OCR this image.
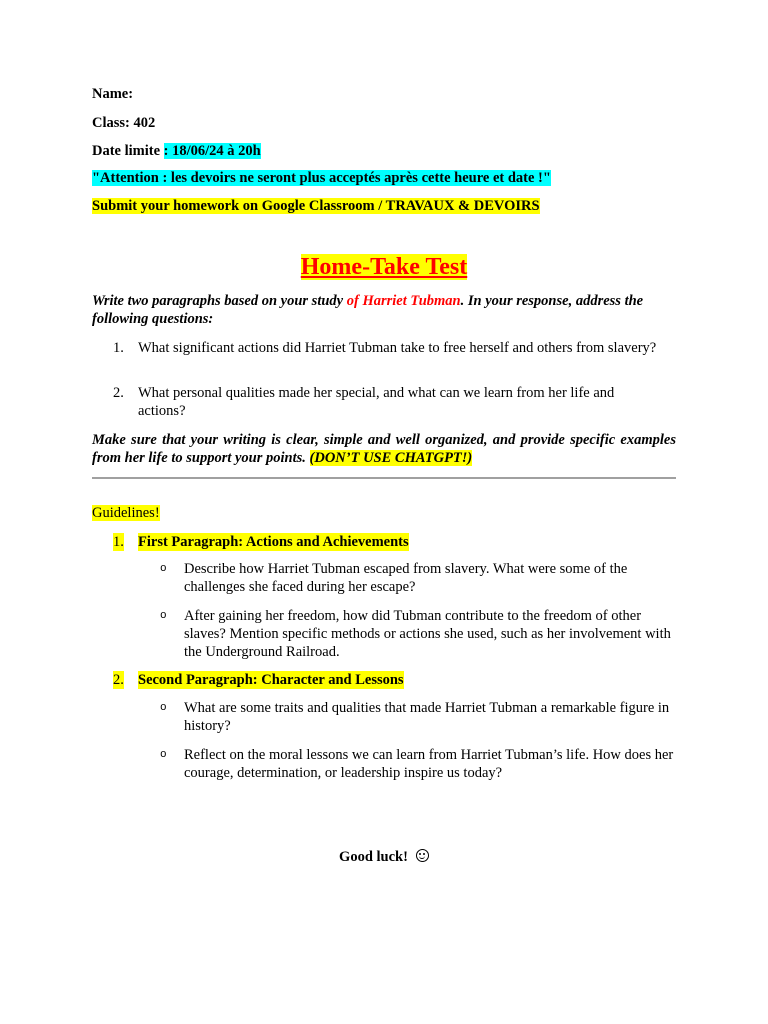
Name:
Class: 402
Date limite : 18/06/24 à 20h
"Attention : les devoirs ne seront plus acceptés après cette heure et date !"
Submit your homework on Google Classroom / TRAVAUX & DEVOIRS
Home-Take Test
Write two paragraphs based on your study of Harriet Tubman. In your response, address the following questions:
1. What significant actions did Harriet Tubman take to free herself and others from slavery?
2. What personal qualities made her special, and what can we learn from her life and actions?
Make sure that your writing is clear, simple and well organized, and provide specific examples from her life to support your points. (DON’T USE CHATGPT!)
Guidelines!
1. First Paragraph: Actions and Achievements
o Describe how Harriet Tubman escaped from slavery. What were some of the challenges she faced during her escape?
o After gaining her freedom, how did Tubman contribute to the freedom of other slaves? Mention specific methods or actions she used, such as her involvement with the Underground Railroad.
2. Second Paragraph: Character and Lessons
o What are some traits and qualities that made Harriet Tubman a remarkable figure in history?
o Reflect on the moral lessons we can learn from Harriet Tubman’s life. How does her courage, determination, or leadership inspire us today?
Good luck!
